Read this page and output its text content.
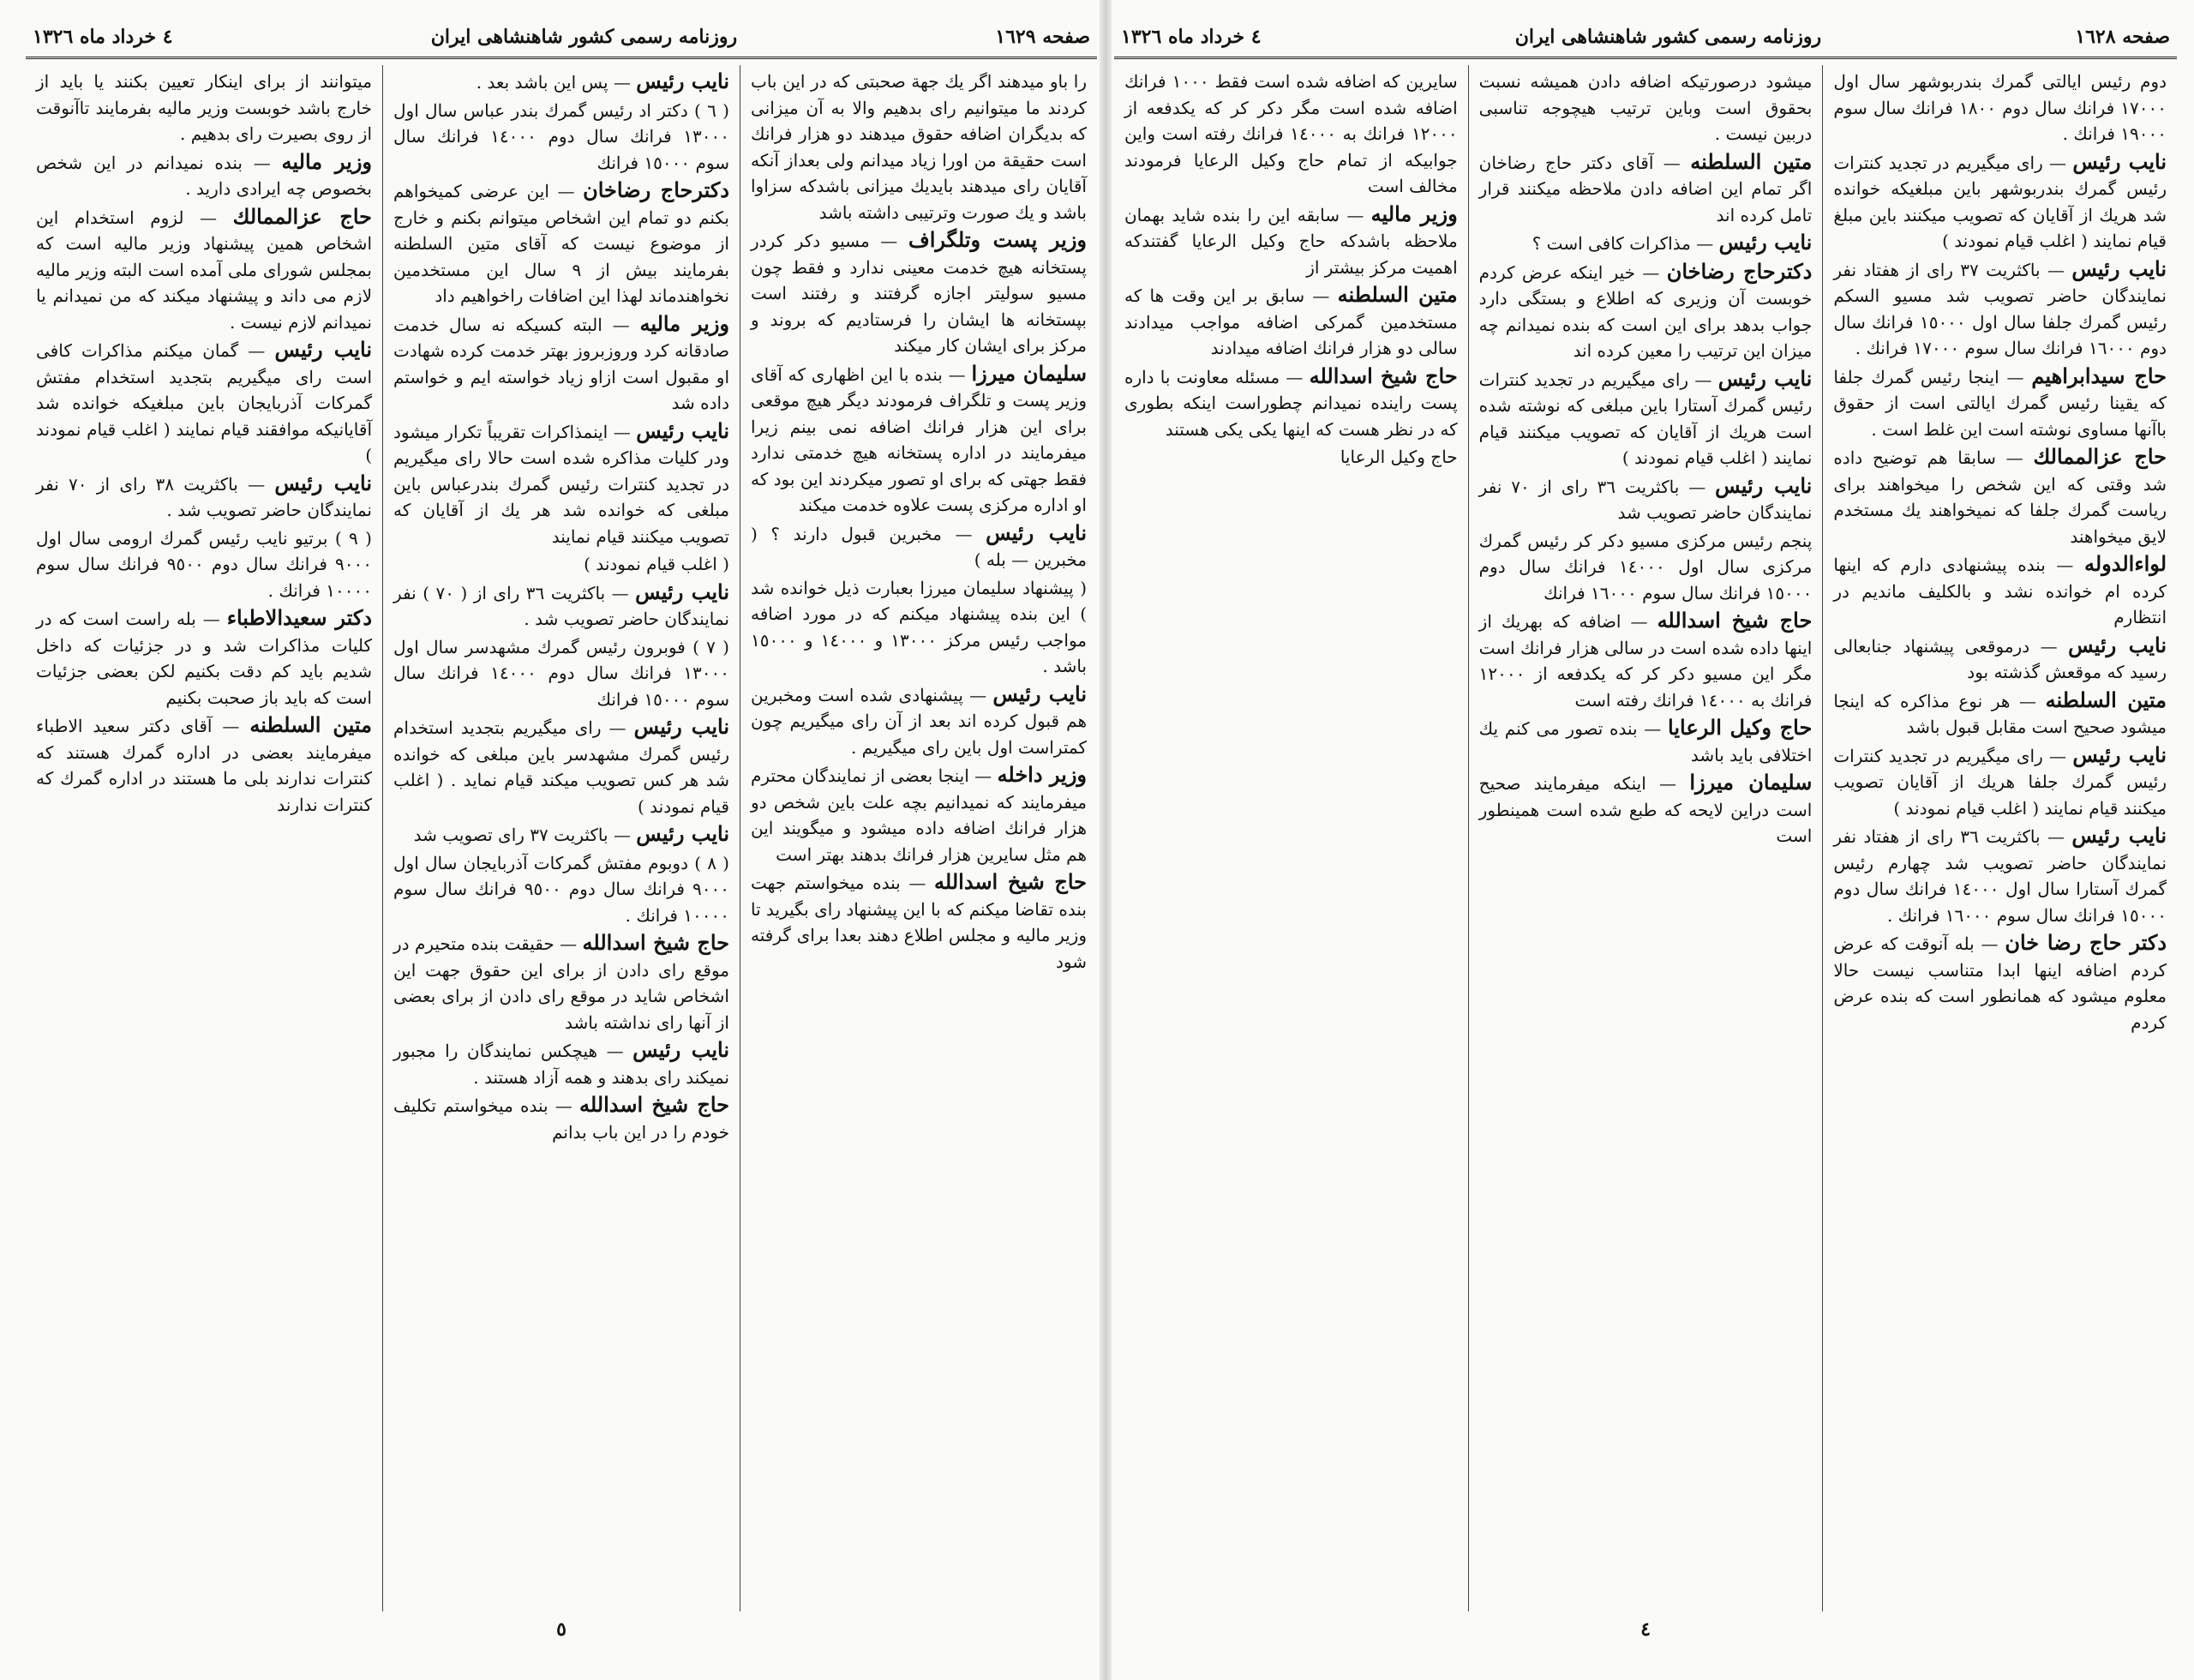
صفحه ١٦٢٩
روزنامه رسمی کشور شاهنشاهی ایران
٤ خرداد ماه ١٣٢٦

را باو میدهند اگر یك جهة صحبتی که در این باب کردند ما میتوانیم رای بدهیم والا به آن میزانی که بدیگران اضافه حقوق میدهند دو هزار فرانك است حقیقة من اورا زیاد میدانم ولی بعداز آنکه آقایان رای میدهند بایدیك میزانی باشدکه سزاوا باشد و یك صورت وترتیبی داشته باشد

وزیر پست وتلگراف — مسیو دکر کردر پستخانه هیچ خدمت معینی ندارد و فقط چون مسیو سولیتر اجازه گرفتند و رفتند است بپستخانه ها ایشان را فرستادیم که بروند و مرکز برای ایشان کار میکند

سلیمان میرزا — بنده با این اظهاری که آقای وزیر پست و تلگراف فرمودند دیگر هیچ موقعی برای این هزار فرانك اضافه نمی بینم زیرا میفرمایند در اداره پستخانه هیچ خدمتی ندارد فقط جهتی که برای او تصور میکردند این بود که او اداره مرکزی پست علاوه خدمت میکند

نایب رئیس — مخبرین قبول دارند ؟ ( مخبرین — بله )

( پیشنهاد سلیمان میرزا بعبارت ذیل خوانده شد ) این بنده پیشنهاد میکنم که در مورد اضافه مواجب رئیس مرکز ١٣٠٠٠ و ١٤٠٠٠ و ١٥٠٠٠ باشد .

نایب رئیس — پیشنهادی شده است ومخبرین هم قبول کرده اند بعد از آن رای میگیریم چون کمتراست اول باین رای میگیریم .

وزیر داخله — اینجا بعضی از نمایندگان محترم میفرمایند که نمیدانیم بچه علت باین شخص دو هزار فرانك اضافه داده میشود و میگویند این هم مثل سایرین هزار فرانك بدهند بهتر است

حاج شیخ اسدالله — بنده میخواستم جهت بنده تقاضا میکنم که با این پیشنهاد رای بگیرید تا وزیر مالیه و مجلس اطلاع دهند بعدا برای گرفته شود

نایب رئیس — پس این باشد بعد .

( ٦ ) دکتر اد رئیس گمرك بندر عباس سال اول ١٣٠٠٠ فرانك سال دوم ١٤٠٠٠ فرانك سال سوم ١٥٠٠٠ فرانك

دکترحاج رضاخان — این عرضی کمیخواهم بکنم دو تمام این اشخاص میتوانم بکنم و خارج از موضوع نیست که آقای متین السلطنه بفرمایند بیش از ٩ سال این مستخدمین نخواهندماند لهذا این اضافات راخواهیم داد

وزیر مالیه — البته کسیکه نه سال خدمت صادقانه کرد وروزبروز بهتر خدمت کرده شهادت او مقبول است ازاو زیاد خواسته ایم و خواستم داده شد

نایب رئیس — اینمذاکرات تقریباً تکرار میشود ودر کلیات مذاکره شده است حالا رای میگیریم در تجدید کنترات رئیس گمرك بندرعباس باین مبلغی که خوانده شد هر یك از آقایان که تصویب میکنند قیام نمایند

( اغلب قیام نمودند )

نایب رئیس — باکثریت ٣٦ رای از ( ٧٠ ) نفر نمایندگان حاضر تصویب شد .

( ٧ ) فوبرون رئیس گمرك مشهدسر سال اول ١٣٠٠٠ فرانك سال دوم ١٤٠٠٠ فرانك سال سوم ١٥٠٠٠ فرانك

نایب رئیس — رای میگیریم بتجدید استخدام رئیس گمرك مشهدسر باین مبلغی که خوانده شد هر کس تصویب میکند قیام نماید . ( اغلب قیام نمودند )

نایب رئیس — باکثریت ٣٧ رای تصویب شد

( ٨ ) دوبوم مفتش گمرکات آذربایجان سال اول ٩٠٠٠ فرانك سال دوم ٩٥٠٠ فرانك سال سوم ١٠٠٠٠ فرانك .

حاج شیخ اسدالله — حقیقت بنده متحیرم در موقع رای دادن از برای این حقوق جهت این اشخاص شاید در موقع رای دادن از برای بعضی از آنها رای نداشته باشد

نایب رئیس — هیچکس نمایندگان را مجبور نمیکند رای بدهند و همه آزاد هستند .

حاج شیخ اسدالله — بنده میخواستم تکلیف خودم را در این باب بدانم

میتوانند از برای اینکار تعیین بکنند یا باید از خارج باشد خوبست وزیر مالیه بفرمایند تاآنوقت از روی بصیرت رای بدهیم .

وزیر مالیه — بنده نمیدانم در این شخص بخصوص چه ایرادی دارید .

حاج عزالممالك — لزوم استخدام این اشخاص همین پیشنهاد وزیر مالیه است که بمجلس شورای ملی آمده است البته وزیر مالیه لازم می داند و پیشنهاد میکند که من نمیدانم یا نمیدانم لازم نیست .

نایب رئیس — گمان میکنم مذاکرات کافی است رای میگیریم بتجدید استخدام مفتش گمرکات آذربایجان باین مبلغیکه خوانده شد آقایانیکه موافقند قیام نمایند ( اغلب قیام نمودند )

نایب رئیس — باکثریت ٣٨ رای از ٧٠ نفر نمایندگان حاضر تصویب شد .

( ٩ ) برتیو نایب رئیس گمرك ارومی سال اول ٩٠٠٠ فرانك سال دوم ٩٥٠٠ فرانك سال سوم ١٠٠٠٠ فرانك .

دکتر سعیدالاطباء — بله راست است که در کلیات مذاکرات شد و در جزئیات که داخل شدیم باید کم دقت بکنیم لکن بعضی جزئیات است که باید باز صحبت بکنیم

متین السلطنه — آقای دکتر سعید الاطباء میفرمایند بعضی در اداره گمرك هستند که کنترات ندارند بلی ما هستند در اداره گمرك که کنترات ندارند

٥
صفحه ١٦٢٨
روزنامه رسمی کشور شاهنشاهی ایران
٤ خرداد ماه ١٣٢٦

دوم رئیس ایالتی گمرك بندربوشهر سال اول ١٧٠٠٠ فرانك سال دوم ١٨٠٠ فرانك سال سوم ١٩٠٠٠ فرانك .

نایب رئیس — رای میگیریم در تجدید کنترات رئیس گمرك بندربوشهر باین مبلغیکه خوانده شد هریك از آقایان که تصویب میکنند باین مبلغ قیام نمایند ( اغلب قیام نمودند )

نایب رئیس — باکثریت ٣٧ رای از هفتاد نفر نمایندگان حاضر تصویب شد مسیو السکم رئیس گمرك جلفا سال اول ١٥٠٠٠ فرانك سال دوم ١٦٠٠٠ فرانك سال سوم ١٧٠٠٠ فرانك .

حاج سیدابراهیم — اینجا رئیس گمرك جلفا که یقینا رئیس گمرك ایالتی است از حقوق باآنها مساوی نوشته است این غلط است .

حاج عزالممالك — سابقا هم توضیح داده شد وقتی که این شخص را میخواهند برای ریاست گمرك جلفا که نمیخواهند یك مستخدم لایق میخواهند

لواءالدوله — بنده پیشنهادی دارم که اینها کرده ام خوانده نشد و بالکلیف ماندیم در انتظارم

نایب رئیس — درموقعی پیشنهاد جنابعالی رسید که موقعش گذشته بود

متین السلطنه — هر نوع مذاکره که اینجا میشود صحیح است مقابل قبول باشد

نایب رئیس — رای میگیریم در تجدید کنترات رئیس گمرك جلفا هریك از آقایان تصویب میکنند قیام نمایند ( اغلب قیام نمودند )

نایب رئیس — باکثریت ٣٦ رای از هفتاد نفر نمایندگان حاضر تصویب شد چهارم رئیس گمرك آستارا سال اول ١٤٠٠٠ فرانك سال دوم ١٥٠٠٠ فرانك سال سوم ١٦٠٠٠ فرانك .

دکتر حاج رضا خان — بله آنوقت که عرض کردم اضافه اینها ابدا متناسب نیست حالا معلوم میشود که همانطور است که بنده عرض کردم

میشود درصورتیکه اضافه دادن همیشه نسبت بحقوق است وباین ترتیب هیچوجه تناسبی دربین نیست .

متین السلطنه — آقای دکتر حاج رضاخان اگر تمام این اضافه دادن ملاحظه میکنند قرار تامل کرده اند

نایب رئیس — مذاکرات کافی است ؟

دکترحاج رضاخان — خیر اینکه عرض کردم خوبست آن وزیری که اطلاع و بستگی دارد جواب بدهد برای این است که بنده نمیدانم چه میزان این ترتیب را معین کرده اند

نایب رئیس — رای میگیریم در تجدید کنترات رئیس گمرك آستارا باین مبلغی که نوشته شده است هریك از آقایان که تصویب میکنند قیام نمایند ( اغلب قیام نمودند )

نایب رئیس — باکثریت ٣٦ رای از ٧٠ نفر نمایندگان حاضر تصویب شد

پنجم رئیس مرکزی مسیو دکر کر رئیس گمرك مرکزی سال اول ١٤٠٠٠ فرانك سال دوم ١٥٠٠٠ فرانك سال سوم ١٦٠٠٠ فرانك

حاج شیخ اسدالله — اضافه که بهریك از اینها داده شده است در سالی هزار فرانك است مگر این مسیو دکر کر که یکدفعه از ١٢٠٠٠ فرانك به ١٤٠٠٠ فرانك رفته است

حاج وکیل الرعایا — بنده تصور می کنم یك اختلافی باید باشد

سلیمان میرزا — اینکه میفرمایند صحیح است دراین لایحه که طبع شده است همینطور است

سایرین که اضافه شده است فقط ١٠٠٠ فرانك اضافه شده است مگر دکر کر که یکدفعه از ١٢٠٠٠ فرانك به ١٤٠٠٠ فرانك رفته است واین جوابیکه از تمام حاج وکیل الرعایا فرمودند مخالف است

وزیر مالیه — سابقه این را بنده شاید بهمان ملاحظه باشدکه حاج وکیل الرعایا گفتندکه اهمیت مرکز بیشتر از

متین السلطنه — سابق بر این وقت ها که مستخدمین گمرکی اضافه مواجب میدادند سالی دو هزار فرانك اضافه میدادند

حاج شیخ اسدالله — مسئله معاونت با داره پست راینده نمیدانم چطوراست اینکه بطوری که در نظر هست که اینها یکی یکی هستند

حاج وکیل الرعایا

٤
